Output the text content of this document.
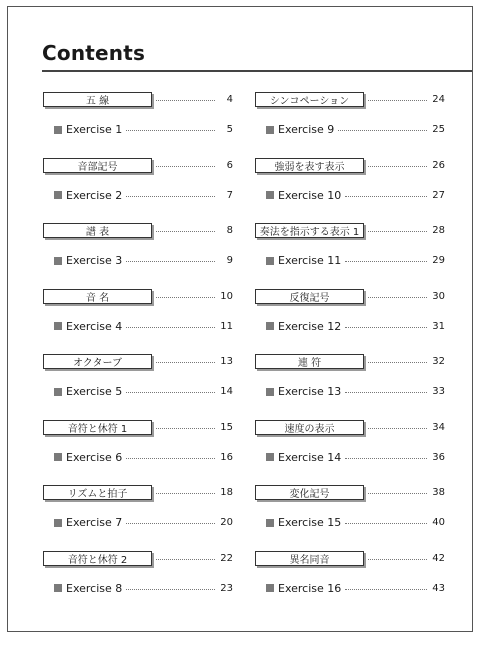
Contents
五 線	4
Exercise 1	5
音部記号	6
Exercise 2	7
譜 表	8
Exercise 3	9
音 名	10
Exercise 4	11
オクターブ	13
Exercise 5	14
音符と休符 1	15
Exercise 6	16
リズムと拍子	18
Exercise 7	20
音符と休符 2	22
Exercise 8	23
シンコペーション	24
Exercise 9	25
強弱を表す表示	26
Exercise 10	27
奏法を指示する表示 1	28
Exercise 11	29
反復記号	30
Exercise 12	31
連 符	32
Exercise 13	33
速度の表示	34
Exercise 14	36
変化記号	38
Exercise 15	40
異名同音	42
Exercise 16	43
